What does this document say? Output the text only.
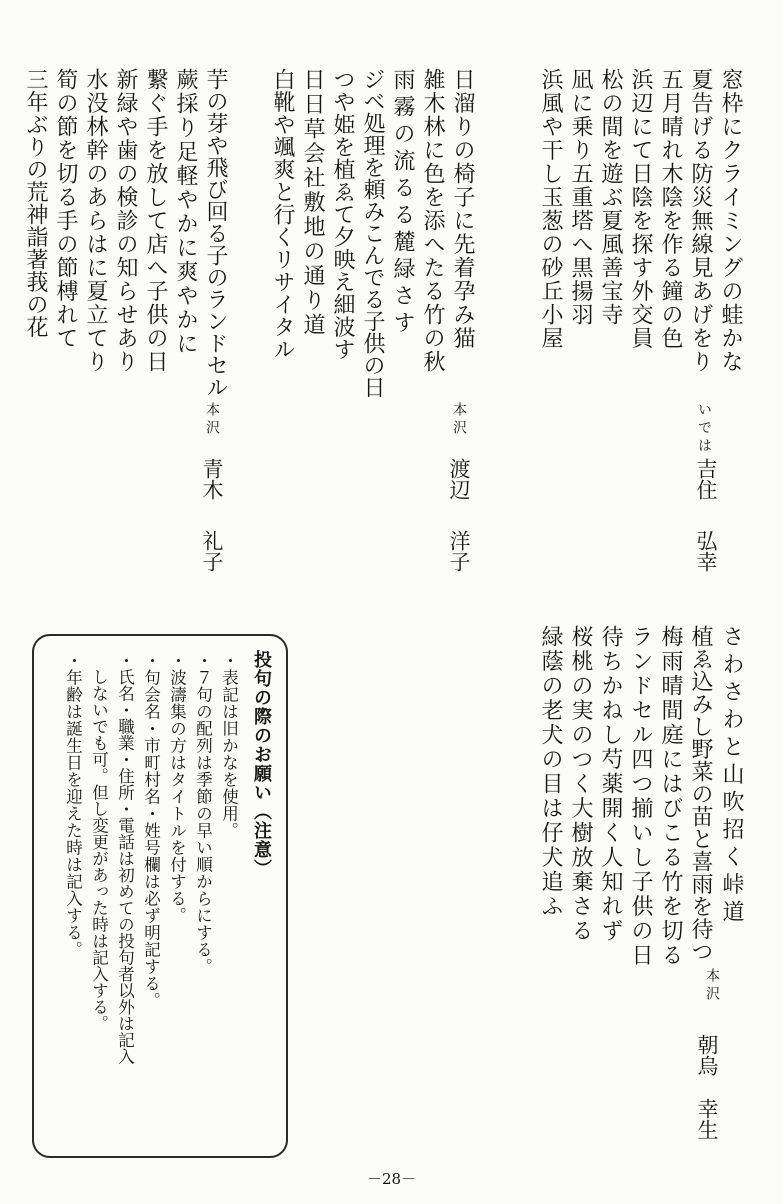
窓枠にクライミングの蛙かな
夏告げる防災無線見あげをり
五月晴れ木陰を作る鐘の色
浜辺にて日陰を探す外交員
松の間を遊ぶ夏風善宝寺
凪に乗り五重塔へ黒揚羽
浜風や干し玉葱の砂丘小屋
いでは
吉住弘幸
日溜りの椅子に先着孕み猫
雑木林に色を添へたる竹の秋
雨霧の流るる麓緑さす
ジベ処理を頼みこんでる子供の日
つや姫を植ゑて夕映え細波す
日日草会社敷地の通り道
白靴や颯爽と行くリサイタル
本沢
渡辺洋子
芋の芽や飛び回る子のランドセル
蕨採り足軽やかに爽やかに
繋ぐ手を放して店へ子供の日
新緑や歯の検診の知らせあり
水没林幹のあらはに夏立てり
筍の節を切る手の節榑れて
三年ぶりの荒神詣著莪の花
本沢
青木礼子
さわさわと山吹招く峠道
植ゑ込みし野菜の苗と喜雨を待つ
梅雨晴間庭にはびこる竹を切る
ランドセル四つ揃いし子供の日
待ちかねし芍薬開く人知れず
桜桃の実のつく大樹放棄さる
緑蔭の老犬の目は仔犬追ふ
本沢
朝烏幸生
投句の際のお願い（注意）
・表記は旧かなを使用。
・７句の配列は季節の早い順からにする。
・波濤集の方はタイトルを付する。
・句会名・市町村名・姓号欄は必ず明記する。
・氏名・職業・住所・電話は初めての投句者以外は記入
　しないでも可。但し変更があった時は記入する。
・年齢は誕生日を迎えた時は記入する。
－28－
